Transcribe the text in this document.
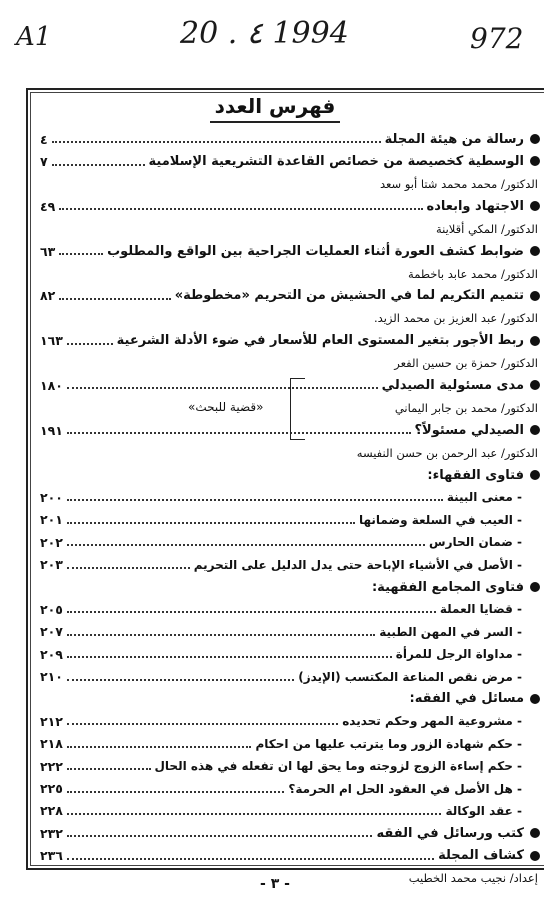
A1	20 . ٤ 1994	972
فهرس العدد
رسالة من هيئة المجلة
٤
الوسطية كخصيصة من خصائص القاعدة التشريعية الإسلامية
٧
الدكتور/ محمد محمد شتا أبو سعد
الاجتهاد وابعاده
٤٩
الدكتور/ المكي أقلاينة
ضوابط كشف العورة أثناء العمليات الجراحية بين الواقع والمطلوب
٦٣
الدكتور/ محمد عابد باخطمة
تتميم التكريم لما في الحشيش من التحريم «مخطوطة»
٨٢
الدكتور/ عبد العزيز بن محمد الزيد.
ربط الأجور بتغير المستوى العام للأسعار في ضوء الأدلة الشرعية
١٦٣
الدكتور/ حمزة بن حسين الفعر
مدى مسئولية الصيدلي
١٨٠
الدكتور/ محمد بن جابر اليماني
الصيدلي مسئولاً؟
١٩١
الدكتور/ عبد الرحمن بن حسن النفيسه
فتاوى الفقهاء:
- معنى البينة
٢٠٠
- العيب في السلعة وضمانها
٢٠١
- ضمان الحارس
٢٠٢
- الأصل في الأشياء الإباحة حتى يدل الدليل على التحريم
٢٠٣
فتاوى المجامع الفقهية:
- قضايا العملة
٢٠٥
- السر في المهن الطبية
٢٠٧
- مداواة الرجل للمرأة
٢٠٩
- مرض نقص المناعة المكتسب (الإيدز)
٢١٠
مسائل في الفقه:
- مشروعية المهر وحكم تحديده
٢١٢
- حكم شهادة الزور وما يترتب عليها من احكام
٢١٨
- حكم إساءة الزوج لزوجته وما يحق لها ان تفعله في هذه الحال
٢٢٢
- هل الأصل في العقود الحل ام الحرمة؟
٢٢٥
- عقد الوكالة
٢٢٨
كتب ورسائل في الفقه
٢٣٢
كشاف المجلة
٢٣٦
إعداد/ نجيب محمد الخطيب
«قضية للبحث»
- ٣ -
